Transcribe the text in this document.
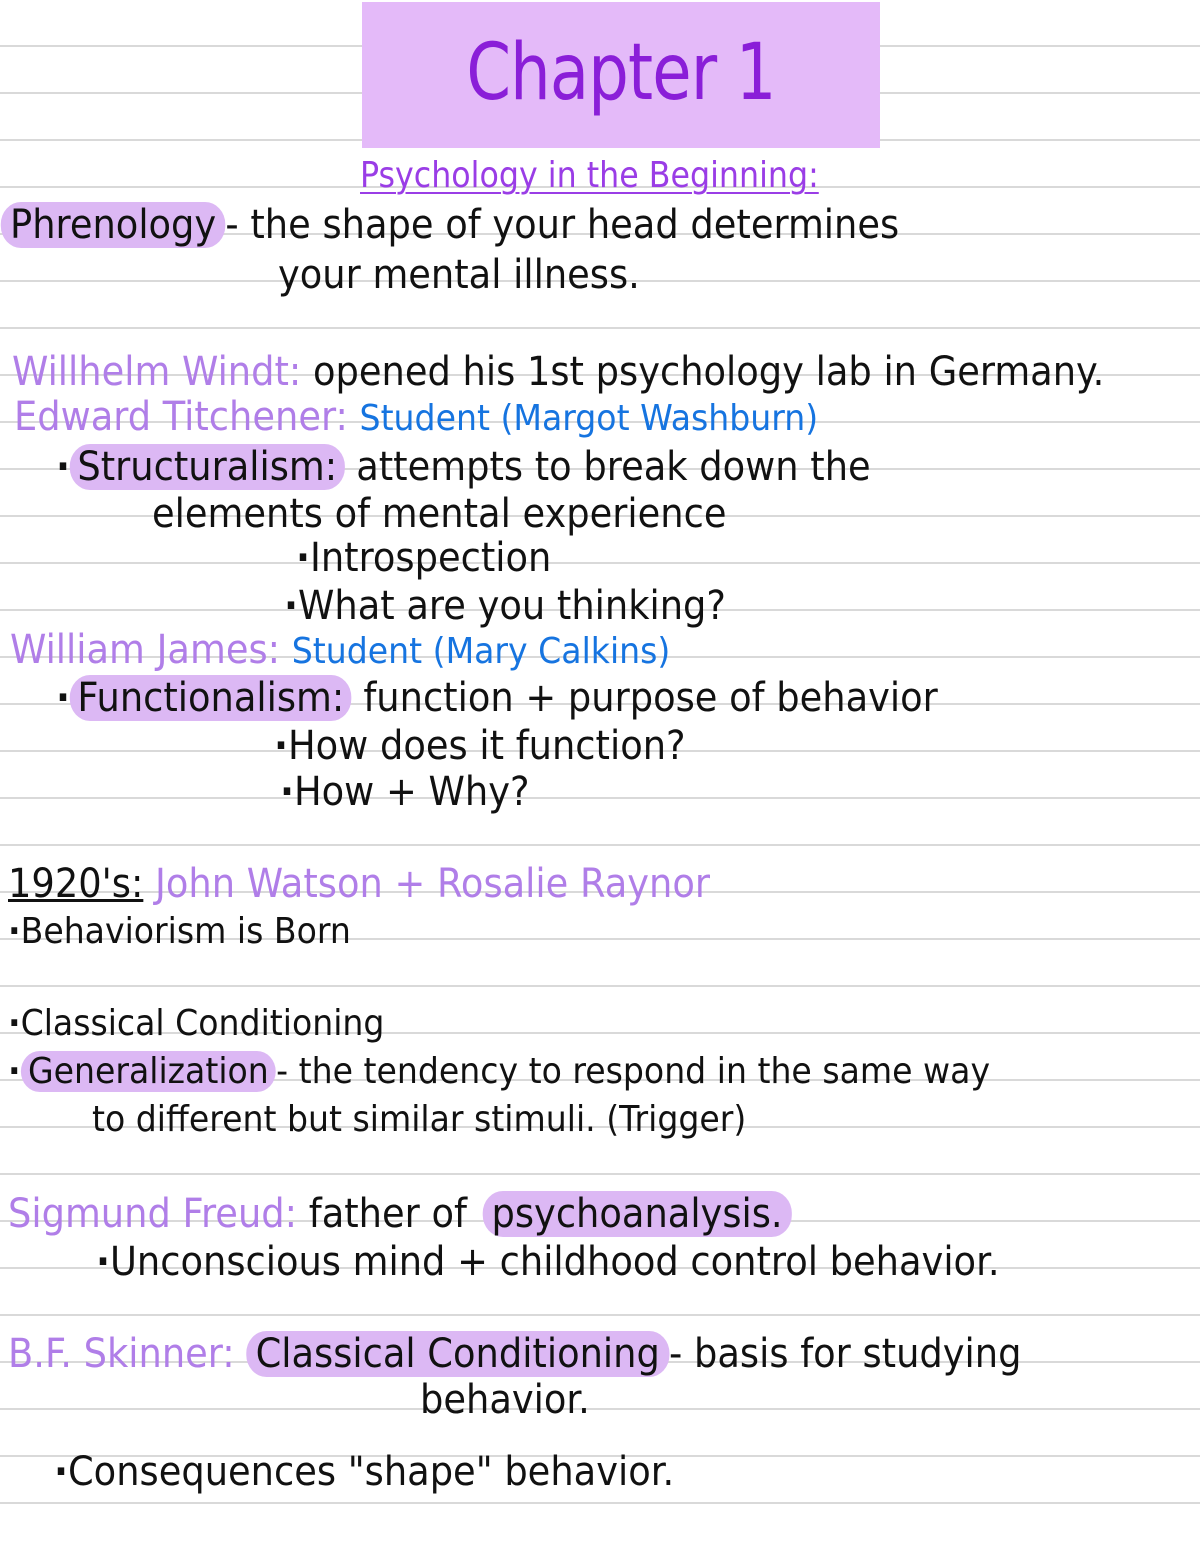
Chapter 1
Psychology in the Beginning:
Phrenology - the shape of your head determines
your mental illness.
Willhelm Windt: opened his 1st psychology lab in Germany.
Edward Titchener: Student (Margot Washburn)
· Structuralism: attempts to break down the
elements of mental experience
·Introspection
·What are you thinking?
William James: Student (Mary Calkins)
· Functionalism: function + purpose of behavior
·How does it function?
·How + Why?
1920's: John Watson + Rosalie Raynor
·Behaviorism is Born
·Classical Conditioning
· Generalization - the tendency to respond in the same way
to different but similar stimuli. (Trigger)
Sigmund Freud: father of psychoanalysis.
·Unconscious mind + childhood control behavior.
B.F. Skinner: Classical Conditioning - basis for studying
behavior.
·Consequences "shape" behavior.
